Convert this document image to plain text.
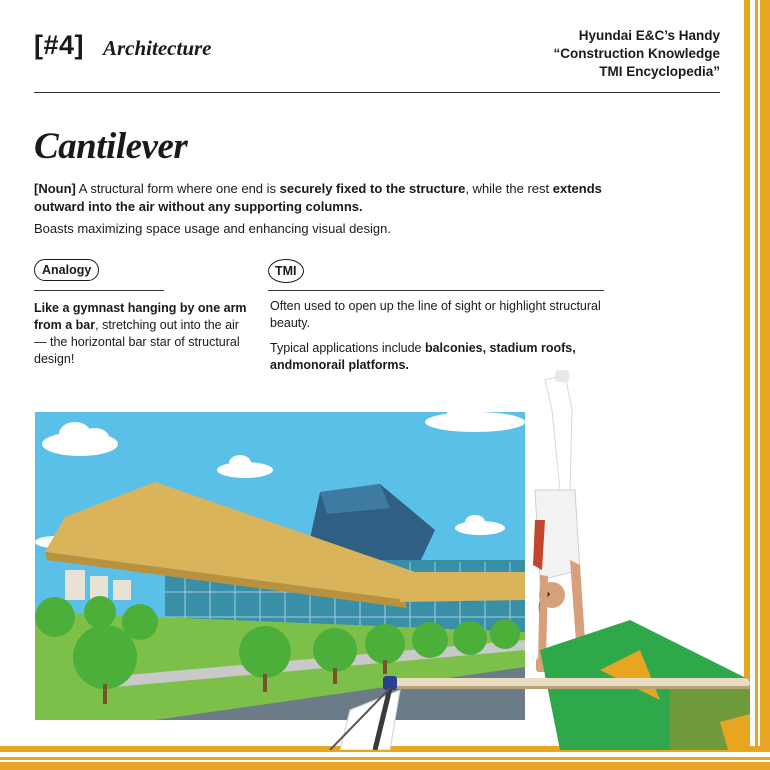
[#4] Architecture
Hyundai E&C’s Handy
“Construction Knowledge
TMI Encyclopedia”
Cantilever
[Noun] A structural form where one end is securely fixed to the structure, while the rest extends outward into the air without any supporting columns.
Boasts maximizing space usage and enhancing visual design.
Analogy
Like a gymnast hanging by one arm from a bar, stretching out into the air — the horizontal bar star of structural design!
TMI
Often used to open up the line of sight or highlight structural beauty.
Typical applications include balconies, stadium roofs, andmonorail platforms.
